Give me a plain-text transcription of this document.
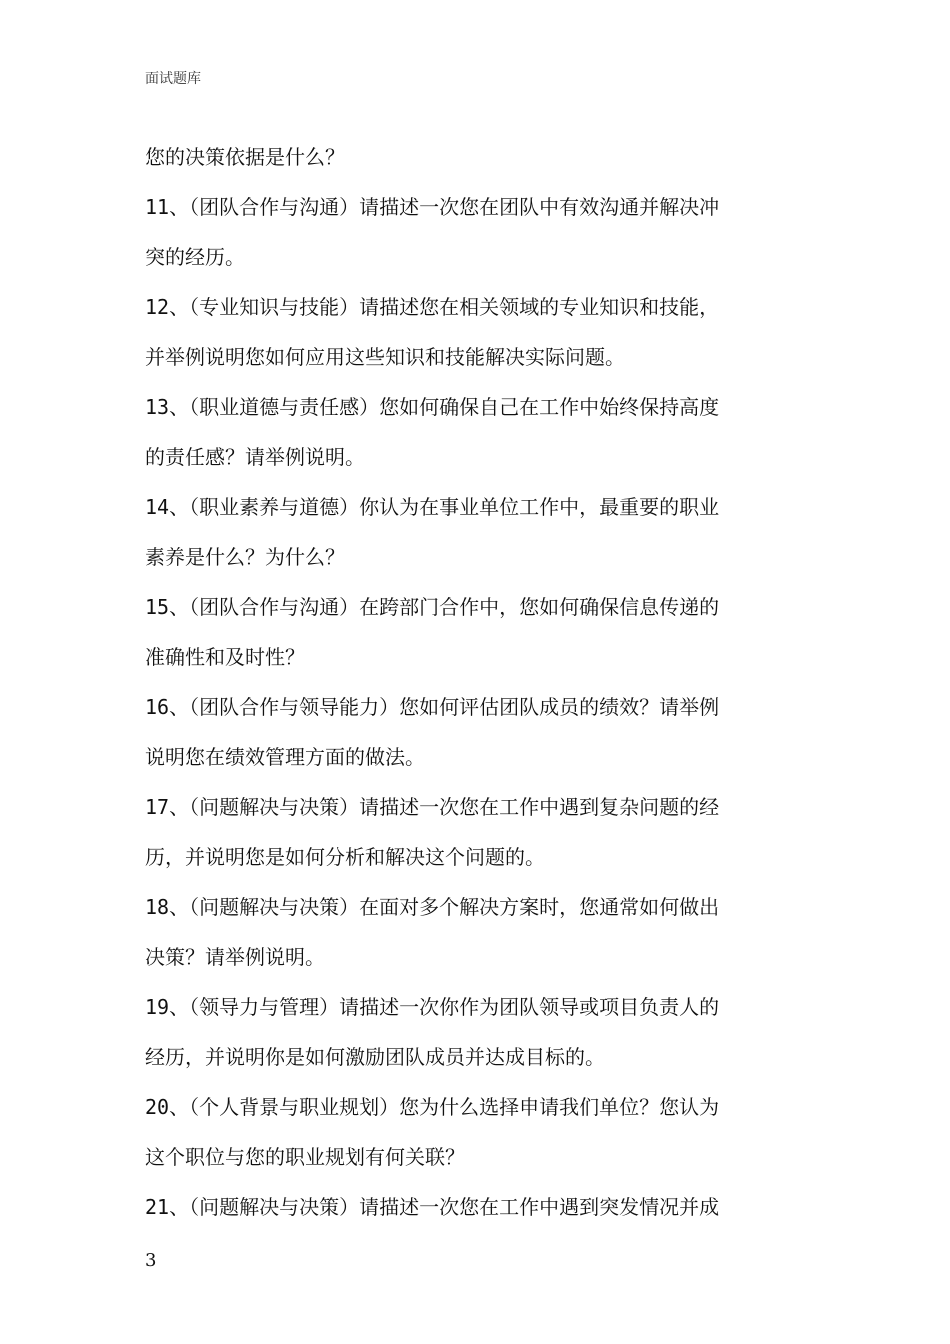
面试题库
您的决策依据是什么？
11、（团队合作与沟通）请描述一次您在团队中有效沟通并解决冲
突的经历。
12、（专业知识与技能）请描述您在相关领域的专业知识和技能，
并举例说明您如何应用这些知识和技能解决实际问题。
13、（职业道德与责任感）您如何确保自己在工作中始终保持高度
的责任感？请举例说明。
14、（职业素养与道德）你认为在事业单位工作中，最重要的职业
素养是什么？为什么？
15、（团队合作与沟通）在跨部门合作中，您如何确保信息传递的
准确性和及时性？
16、（团队合作与领导能力）您如何评估团队成员的绩效？请举例
说明您在绩效管理方面的做法。
17、（问题解决与决策）请描述一次您在工作中遇到复杂问题的经
历，并说明您是如何分析和解决这个问题的。
18、（问题解决与决策）在面对多个解决方案时，您通常如何做出
决策？请举例说明。
19、（领导力与管理）请描述一次你作为团队领导或项目负责人的
经历，并说明你是如何激励团队成员并达成目标的。
20、（个人背景与职业规划）您为什么选择申请我们单位？您认为
这个职位与您的职业规划有何关联？
21、（问题解决与决策）请描述一次您在工作中遇到突发情况并成
3
